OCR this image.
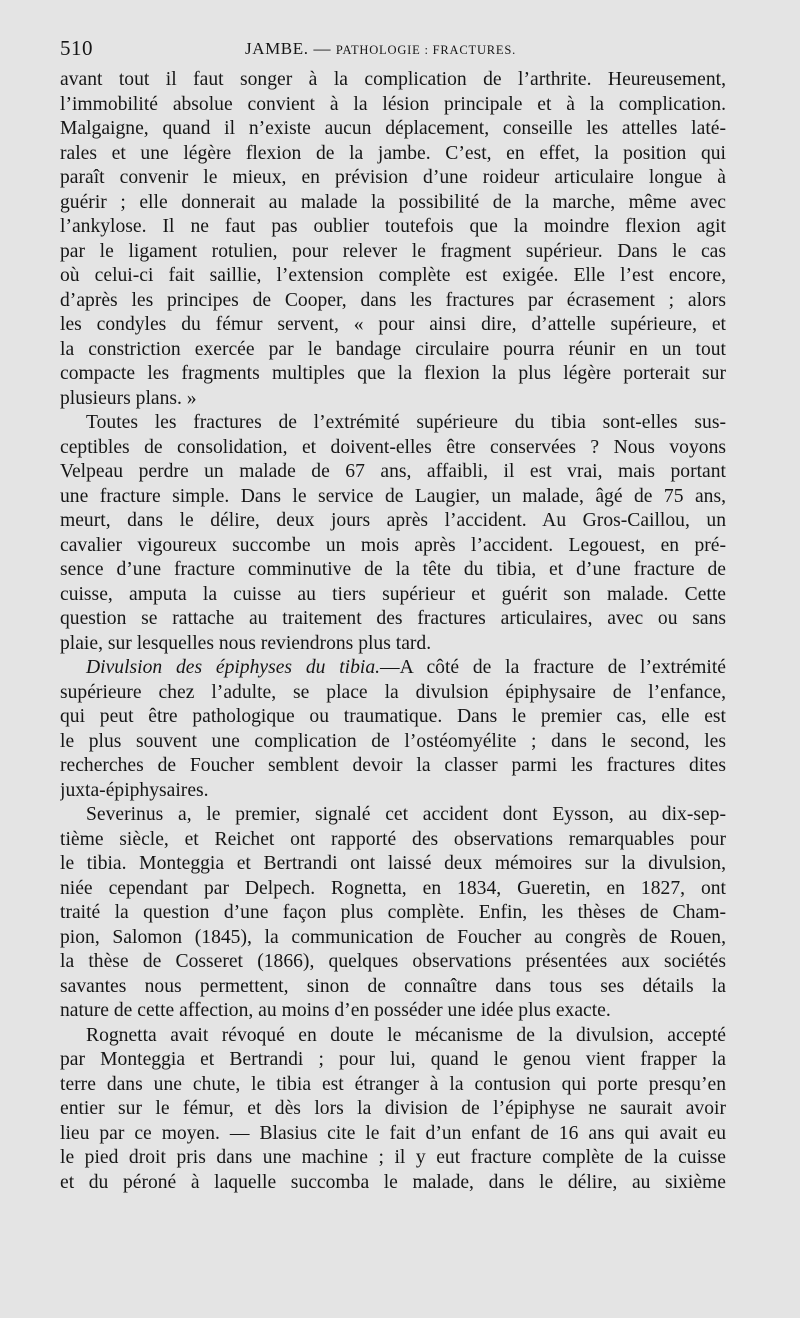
510	JAMBE. — PATHOLOGIE : FRACTURES.
avant tout il faut songer à la complication de l’arthrite. Heureusement,
l’immobilité absolue convient à la lésion principale et à la complication.
Malgaigne, quand il n’existe aucun déplacement, conseille les attelles laté-
rales et une légère flexion de la jambe. C’est, en effet, la position qui
paraît convenir le mieux, en prévision d’une roideur articulaire longue à
guérir ; elle donnerait au malade la possibilité de la marche, même avec
l’ankylose. Il ne faut pas oublier toutefois que la moindre flexion agit
par le ligament rotulien, pour relever le fragment supérieur. Dans le cas
où celui-ci fait saillie, l’extension complète est exigée. Elle l’est encore,
d’après les principes de Cooper, dans les fractures par écrasement ; alors
les condyles du fémur servent, « pour ainsi dire, d’attelle supérieure, et
la constriction exercée par le bandage circulaire pourra réunir en un tout
compacte les fragments multiples que la flexion la plus légère porterait sur
plusieurs plans. »
Toutes les fractures de l’extrémité supérieure du tibia sont-elles sus-
ceptibles de consolidation, et doivent-elles être conservées ? Nous voyons
Velpeau perdre un malade de 67 ans, affaibli, il est vrai, mais portant
une fracture simple. Dans le service de Laugier, un malade, âgé de 75 ans,
meurt, dans le délire, deux jours après l’accident. Au Gros-Caillou, un
cavalier vigoureux succombe un mois après l’accident. Legouest, en pré-
sence d’une fracture comminutive de la tête du tibia, et d’une fracture de
cuisse, amputa la cuisse au tiers supérieur et guérit son malade. Cette
question se rattache au traitement des fractures articulaires, avec ou sans
plaie, sur lesquelles nous reviendrons plus tard.
Divulsion des épiphyses du tibia.—A côté de la fracture de l’extrémité
supérieure chez l’adulte, se place la divulsion épiphysaire de l’enfance,
qui peut être pathologique ou traumatique. Dans le premier cas, elle est
le plus souvent une complication de l’ostéomyélite ; dans le second, les
recherches de Foucher semblent devoir la classer parmi les fractures dites
juxta-épiphysaires.
Severinus a, le premier, signalé cet accident dont Eysson, au dix-sep-
tième siècle, et Reichet ont rapporté des observations remarquables pour
le tibia. Monteggia et Bertrandi ont laissé deux mémoires sur la divulsion,
niée cependant par Delpech. Rognetta, en 1834, Gueretin, en 1827, ont
traité la question d’une façon plus complète. Enfin, les thèses de Cham-
pion, Salomon (1845), la communication de Foucher au congrès de Rouen,
la thèse de Cosseret (1866), quelques observations présentées aux sociétés
savantes nous permettent, sinon de connaître dans tous ses détails la
nature de cette affection, au moins d’en posséder une idée plus exacte.
Rognetta avait révoqué en doute le mécanisme de la divulsion, accepté
par Monteggia et Bertrandi ; pour lui, quand le genou vient frapper la
terre dans une chute, le tibia est étranger à la contusion qui porte presqu’en
entier sur le fémur, et dès lors la division de l’épiphyse ne saurait avoir
lieu par ce moyen. — Blasius cite le fait d’un enfant de 16 ans qui avait eu
le pied droit pris dans une machine ; il y eut fracture complète de la cuisse
et du péroné à laquelle succomba le malade, dans le délire, au sixième
